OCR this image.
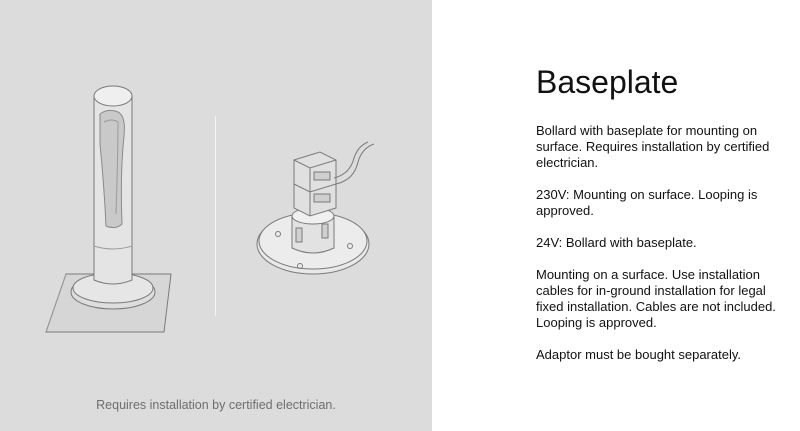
Requires installation by certified electrician.
Baseplate

Bollard with baseplate for mounting on surface. Requires installation by certified electrician.

230V: Mounting on surface. Looping is approved.

24V: Bollard with baseplate.

Mounting on a surface. Use installation cables for in-ground installation for legal fixed installation. Cables are not included. Looping is approved.

Adaptor must be bought separately.
